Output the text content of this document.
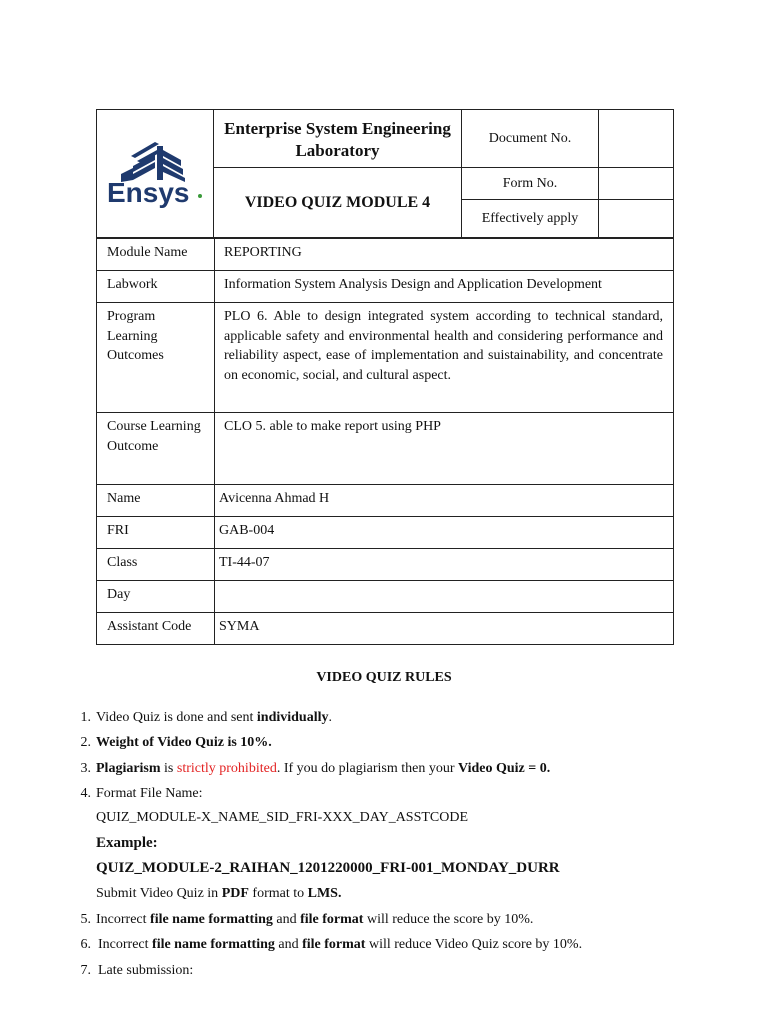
Ensys	Enterprise System Engineering Laboratory	Document No.	
	VIDEO QUIZ MODULE 4	Form No.	
		Effectively apply	
Module Name	REPORTING
Labwork	Information System Analysis Design and Application Development
Program Learning Outcomes	PLO 6. Able to design integrated system according to technical standard, applicable safety and environmental health and considering performance and reliability aspect, ease of implementation and suistainability, and concentrate on economic, social, and cultural aspect.
Course Learning Outcome	CLO 5. able to make report using PHP
Name	Avicenna Ahmad H
FRI	GAB-004
Class	TI-44-07
Day	
Assistant Code	SYMA
VIDEO QUIZ RULES
1. Video Quiz is done and sent individually.
2. Weight of Video Quiz is 10%.
3. Plagiarism is strictly prohibited. If you do plagiarism then your Video Quiz = 0.
4. Format File Name:
QUIZ_MODULE-X_NAME_SID_FRI-XXX_DAY_ASSTCODE
Example:
QUIZ_MODULE-2_RAIHAN_1201220000_FRI-001_MONDAY_DURR
Submit Video Quiz in PDF format to LMS.
5. Incorrect file name formatting and file format will reduce the score by 10%.
6. Incorrect file name formatting and file format will reduce Video Quiz score by 10%.
7. Late submission:
